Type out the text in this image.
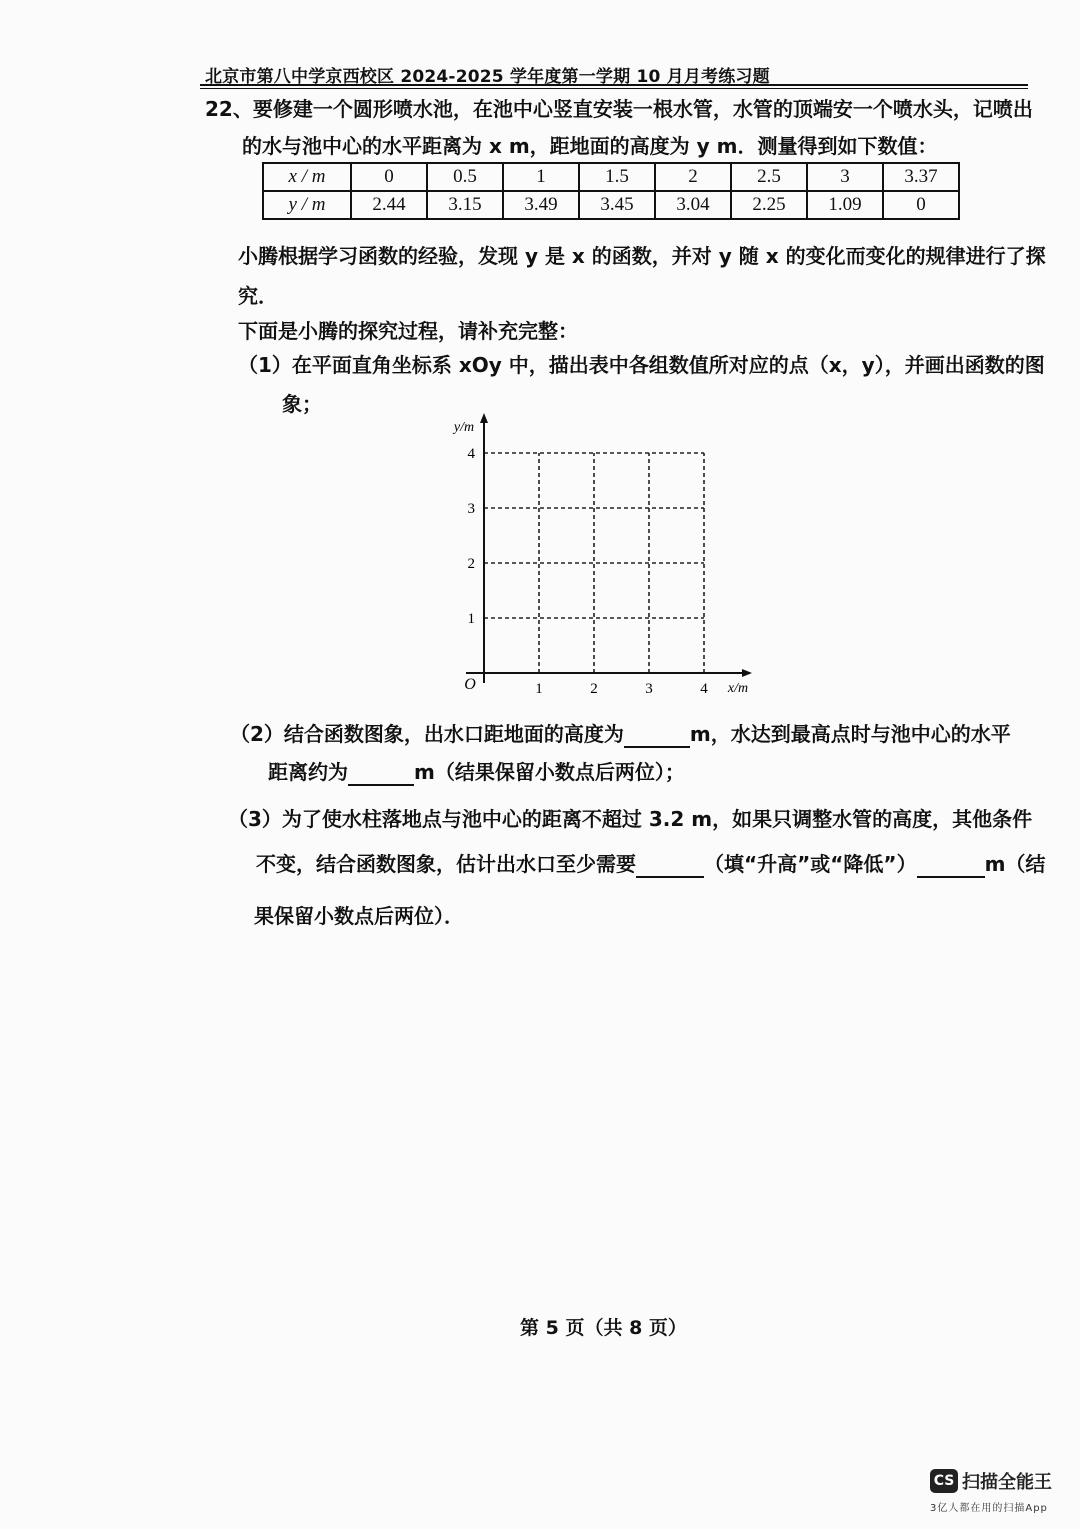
北京市第八中学京西校区 2024-2025 学年度第一学期 10 月月考练习题
22、要修建一个圆形喷水池，在池中心竖直安装一根水管，水管的顶端安一个喷水头，记喷出
的水与池中心的水平距离为 x m，距地面的高度为 y m．测量得到如下数值：
x / m	0	0.5	1	1.5	2	2.5	3	3.37
y / m	2.44	3.15	3.49	3.45	3.04	2.25	1.09	0
小腾根据学习函数的经验，发现 y 是 x 的函数，并对 y 随 x 的变化而变化的规律进行了探
究．
下面是小腾的探究过程，请补充完整：
（1）在平面直角坐标系 xOy 中，描出表中各组数值所对应的点（x，y），并画出函数的图
象；
1	2	3	4
1
2
3
4
O	x/m
y/m
（2）结合函数图象，出水口距地面的高度为	m，水达到最高点时与池中心的水平
距离约为	m（结果保留小数点后两位）；
（3）为了使水柱落地点与池中心的距离不超过 3.2 m，如果只调整水管的高度，其他条件
不变，结合函数图象，估计出水口至少需要	（填“升高”或“降低”）	m（结
果保留小数点后两位）．
第 5 页（共 8 页）
CS 扫描全能王
3亿人都在用的扫描App
